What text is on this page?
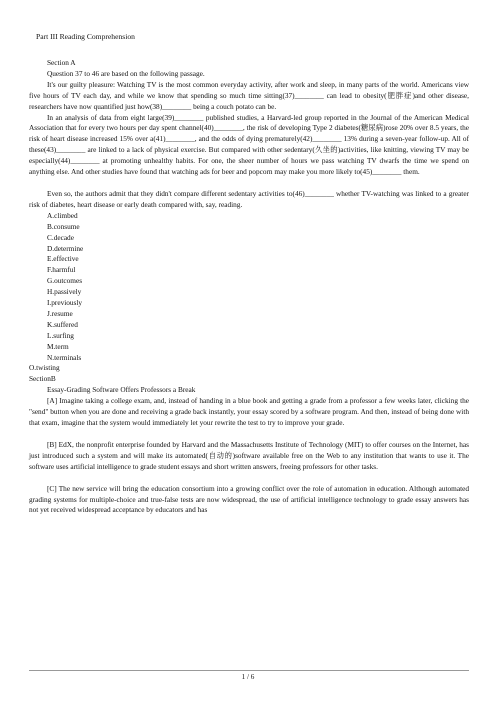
Part III Reading Comprehension

Section A

Question 37 to 46 are based on the following passage.

It's our guilty pleasure: Watching TV is the most common everyday activity, after work and sleep, in many parts of the world. Americans view five hours of TV each day, and while we know that spending so much time sitting(37)________ can lead to obesity(肥胖症)and other disease, researchers have now quantified just how(38)________ being a couch potato can be.

In an analysis of data from eight large(39)________ published studies, a Harvard-led group reported in the Journal of the American Medical Association that for every two hours per day spent channel(40)________, the risk of developing Type 2 diabetes(糖尿病)rose 20% over 8.5 years, the risk of heart disease increased 15% over a(41)________, and the odds of dying prematurely(42)________ 13% during a seven-year follow-up. All of these(43)________ are linked to a lack of physical exercise. But compared with other sedentary(久坐的)activities, like knitting, viewing TV may be especially(44)________ at promoting unhealthy habits. For one, the sheer number of hours we pass watching TV dwarfs the time we spend on anything else. And other studies have found that watching ads for beer and popcorn may make you more likely to(45)________ them.

Even so, the authors admit that they didn't compare different sedentary activities to(46)________ whether TV-watching was linked to a greater risk of diabetes, heart disease or early death compared with, say, reading.

A.climbed

B.consume

C.decade

D.determine

E.effective

F.harmful

G.outcomes

H.passively

I.previously

J.resume

K.suffered

L.surfing

M.term

N.terminals

O.twisting

SectionB

Essay-Grading Software Offers Professors a Break

[A] Imagine taking a college exam, and, instead of handing in a blue book and getting a grade from a professor a few weeks later, clicking the "send" button when you are done and receiving a grade back instantly, your essay scored by a software program. And then, instead of being done with that exam, imagine that the system would immediately let your rewrite the test to try to improve your grade.

[B] EdX, the nonprofit enterprise founded by Harvard and the Massachusetts Institute of Technology (MIT) to offer courses on the Internet, has just introduced such a system and will make its automated(自动的)software available free on the Web to any institution that wants to use it. The software uses artificial intelligence to grade student essays and short written answers, freeing professors for other tasks.

[C] The new service will bring the education consortium into a growing conflict over the role of automation in education. Although automated grading systems for multiple-choice and true-false tests are now widespread, the use of artificial intelligence technology to grade essay answers has not yet received widespread acceptance by educators and has

1 / 6
